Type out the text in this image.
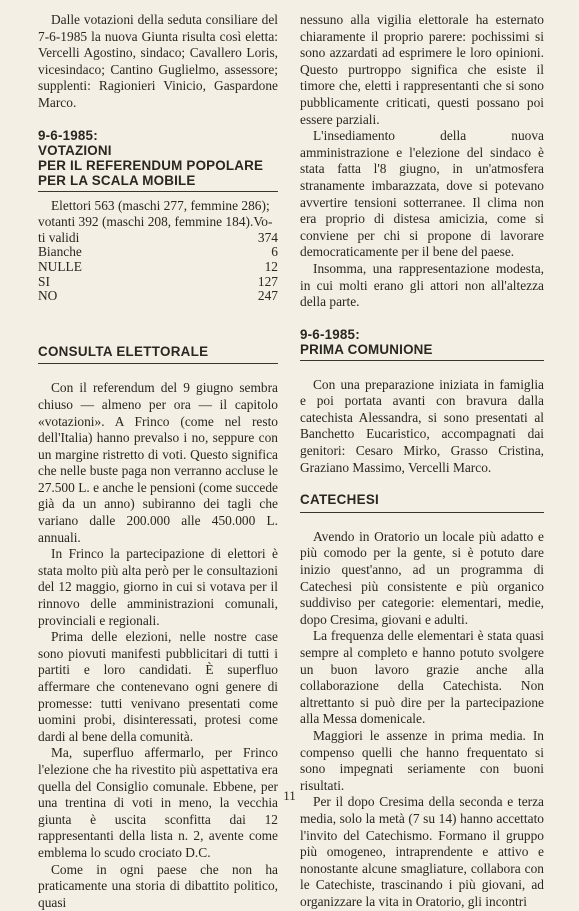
Dalle votazioni della seduta consiliare del 7-6-1985 la nuova Giunta risulta così eletta: Vercelli Agostino, sindaco; Cavallero Loris, vicesindaco; Cantino Guglielmo, assessore; supplenti: Ragionieri Vinicio, Gaspardone Marco.

9-6-1985:
VOTAZIONI
PER IL REFERENDUM POPOLARE
PER LA SCALA MOBILE

Elettori 563 (maschi 277, femmine 286);

votanti 392 (maschi 208, femmine 184).Vo-

ti validi	374
Bianche	6
NULLE	12
SI	127
NO	247
CONSULTA ELETTORALE

Con il referendum del 9 giugno sembra chiuso — almeno per ora — il capitolo «votazioni». A Frinco (come nel resto dell'Italia) hanno prevalso i no, seppure con un margine ristretto di voti. Questo significa che nelle buste paga non verranno accluse le 27.500 L. e anche le pensioni (come succede già da un anno) subiranno dei tagli che variano dalle 200.000 alle 450.000 L. annuali.

In Frinco la partecipazione di elettori è stata molto più alta però per le consultazioni del 12 maggio, giorno in cui si votava per il rinnovo delle amministrazioni comunali, provinciali e regionali.

Prima delle elezioni, nelle nostre case sono piovuti manifesti pubblicitari di tutti i partiti e loro candidati. È superfluo affermare che contenevano ogni genere di promesse: tutti venivano presentati come uomini probi, disinteressati, protesi come dardi al bene della comunità.

Ma, superfluo affermarlo, per Frinco l'elezione che ha rivestito più aspettativa era quella del Consiglio comunale. Ebbene, per una trentina di voti in meno, la vecchia giunta è uscita sconfitta dai 12 rappresentanti della lista n. 2, avente come emblema lo scudo crociato D.C.

Come in ogni paese che non ha praticamente una storia di dibattito politico, quasi

nessuno alla vigilia elettorale ha esternato chiaramente il proprio parere: pochissimi si sono azzardati ad esprimere le loro opinioni. Questo purtroppo significa che esiste il timore che, eletti i rappresentanti che si sono pubblicamente criticati, questi possano poi essere parziali.

L'insediamento della nuova amministrazione e l'elezione del sindaco è stata fatta l'8 giugno, in un'atmosfera stranamente imbarazzata, dove si potevano avvertire tensioni sotterranee. Il clima non era proprio di distesa amicizia, come si conviene per chi si propone di lavorare democraticamente per il bene del paese.

Insomma, una rappresentazione modesta, in cui molti erano gli attori non all'altezza della parte.

9-6-1985:
PRIMA COMUNIONE

Con una preparazione iniziata in famiglia e poi portata avanti con bravura dalla catechista Alessandra, si sono presentati al Banchetto Eucaristico, accompagnati dai genitori: Cesaro Mirko, Grasso Cristina, Graziano Massimo, Vercelli Marco.

CATECHESI

Avendo in Oratorio un locale più adatto e più comodo per la gente, si è potuto dare inizio quest'anno, ad un programma di Catechesi più consistente e più organico suddiviso per categorie: elementari, medie, dopo Cresima, giovani e adulti.

La frequenza delle elementari è stata quasi sempre al completo e hanno potuto svolgere un buon lavoro grazie anche alla collaborazione della Catechista. Non altrettanto si può dire per la partecipazione alla Messa domenicale.

Maggiori le assenze in prima media. In compenso quelli che hanno frequentato si sono impegnati seriamente con buoni risultati.

Per il dopo Cresima della seconda e terza media, solo la metà (7 su 14) hanno accettato l'invito del Catechismo. Formano il gruppo più omogeneo, intraprendente e attivo e nonostante alcune smagliature, collabora con le Catechiste, trascinando i più giovani, ad organizzare la vita in Oratorio, gli incontri

11
